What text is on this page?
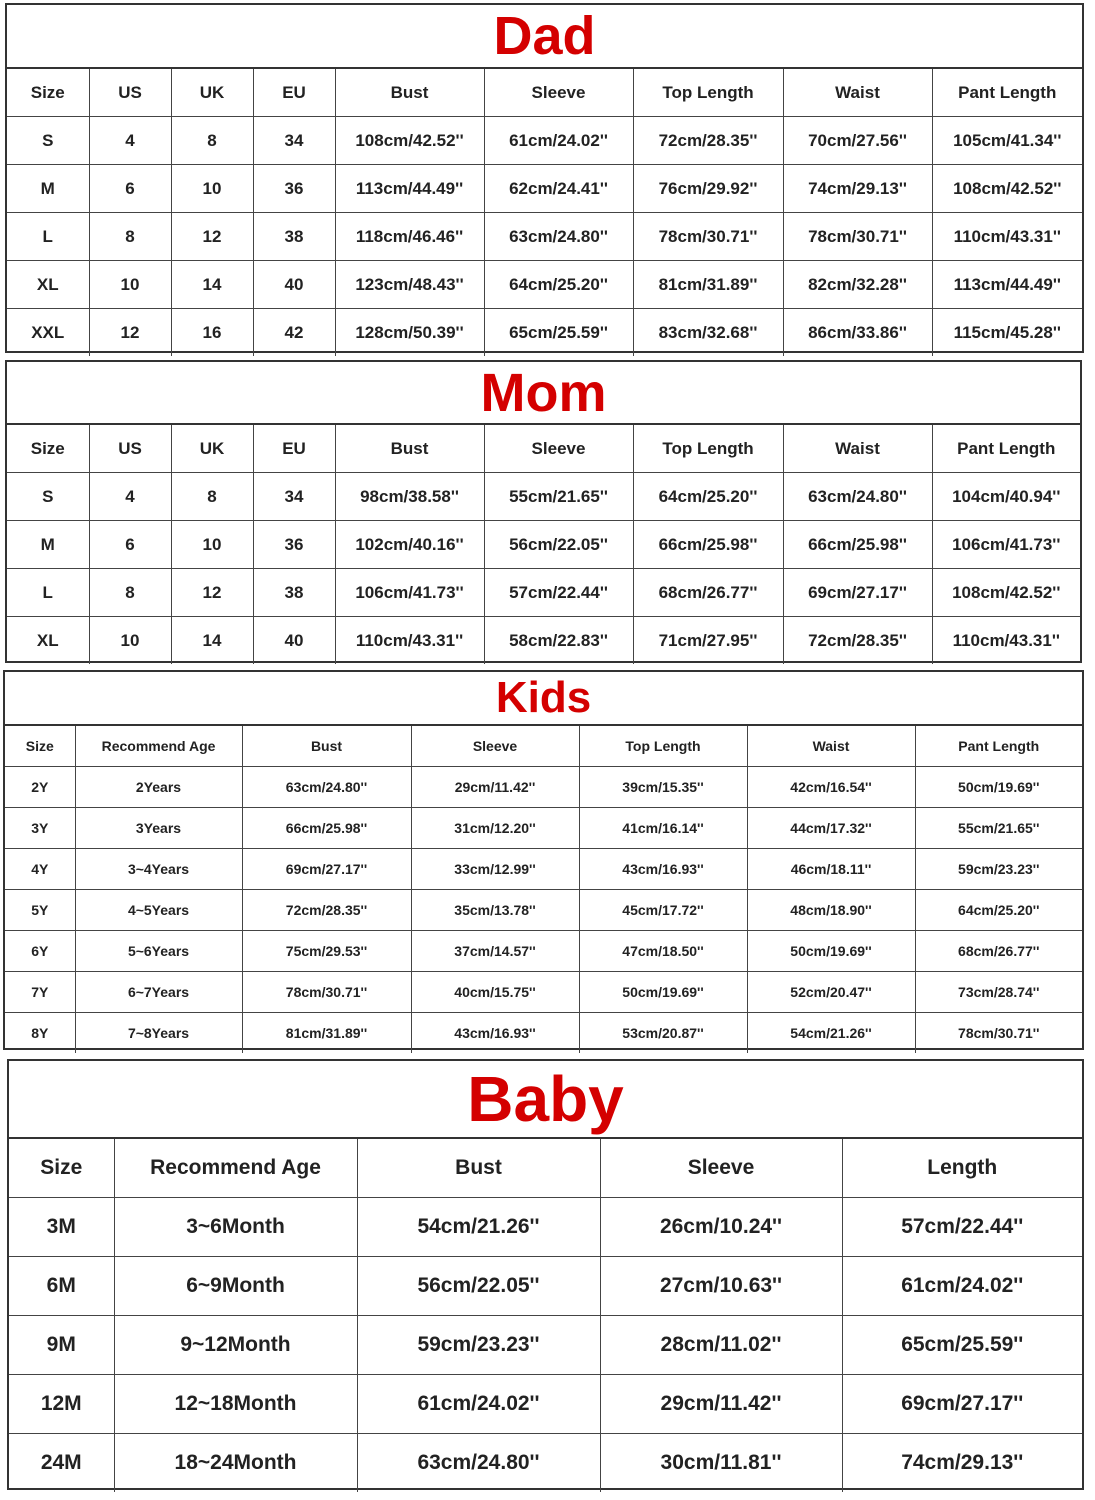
Dad
Size	US	UK	EU	Bust	Sleeve	Top Length	Waist	Pant Length
S	4	8	34	108cm/42.52''	61cm/24.02''	72cm/28.35''	70cm/27.56''	105cm/41.34''
M	6	10	36	113cm/44.49''	62cm/24.41''	76cm/29.92''	74cm/29.13''	108cm/42.52''
L	8	12	38	118cm/46.46''	63cm/24.80''	78cm/30.71''	78cm/30.71''	110cm/43.31''
XL	10	14	40	123cm/48.43''	64cm/25.20''	81cm/31.89''	82cm/32.28''	113cm/44.49''
XXL	12	16	42	128cm/50.39''	65cm/25.59''	83cm/32.68''	86cm/33.86''	115cm/45.28''
Mom
Size	US	UK	EU	Bust	Sleeve	Top Length	Waist	Pant Length
S	4	8	34	98cm/38.58''	55cm/21.65''	64cm/25.20''	63cm/24.80''	104cm/40.94''
M	6	10	36	102cm/40.16''	56cm/22.05''	66cm/25.98''	66cm/25.98''	106cm/41.73''
L	8	12	38	106cm/41.73''	57cm/22.44''	68cm/26.77''	69cm/27.17''	108cm/42.52''
XL	10	14	40	110cm/43.31''	58cm/22.83''	71cm/27.95''	72cm/28.35''	110cm/43.31''
Kids
Size	Recommend Age	Bust	Sleeve	Top Length	Waist	Pant Length
2Y	2Years	63cm/24.80''	29cm/11.42''	39cm/15.35''	42cm/16.54''	50cm/19.69''
3Y	3Years	66cm/25.98''	31cm/12.20''	41cm/16.14''	44cm/17.32''	55cm/21.65''
4Y	3~4Years	69cm/27.17''	33cm/12.99''	43cm/16.93''	46cm/18.11''	59cm/23.23''
5Y	4~5Years	72cm/28.35''	35cm/13.78''	45cm/17.72''	48cm/18.90''	64cm/25.20''
6Y	5~6Years	75cm/29.53''	37cm/14.57''	47cm/18.50''	50cm/19.69''	68cm/26.77''
7Y	6~7Years	78cm/30.71''	40cm/15.75''	50cm/19.69''	52cm/20.47''	73cm/28.74''
8Y	7~8Years	81cm/31.89''	43cm/16.93''	53cm/20.87''	54cm/21.26''	78cm/30.71''
Baby
Size	Recommend Age	Bust	Sleeve	Length
3M	3~6Month	54cm/21.26''	26cm/10.24''	57cm/22.44''
6M	6~9Month	56cm/22.05''	27cm/10.63''	61cm/24.02''
9M	9~12Month	59cm/23.23''	28cm/11.02''	65cm/25.59''
12M	12~18Month	61cm/24.02''	29cm/11.42''	69cm/27.17''
24M	18~24Month	63cm/24.80''	30cm/11.81''	74cm/29.13''
